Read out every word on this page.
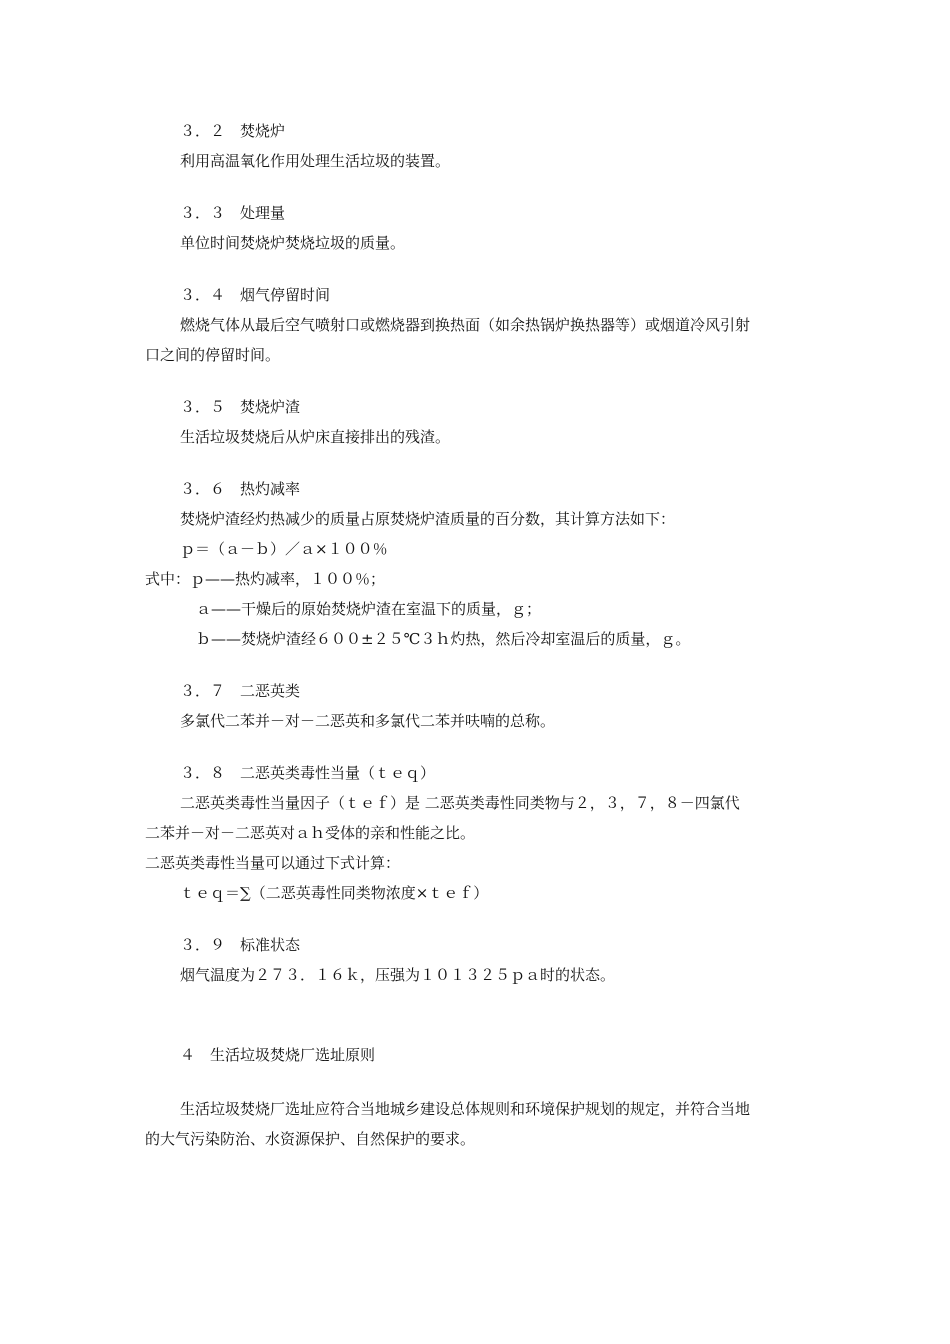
３．２　焚烧炉
利用高温氧化作用处理生活垃圾的装置。
３．３　处理量
单位时间焚烧炉焚烧垃圾的质量。
３．４　烟气停留时间
燃烧气体从最后空气喷射口或燃烧器到换热面（如余热锅炉换热器等）或烟道冷风引射
口之间的停留时间。
３．５　焚烧炉渣
生活垃圾焚烧后从炉床直接排出的残渣。
３．６　热灼减率
焚烧炉渣经灼热减少的质量占原焚烧炉渣质量的百分数，其计算方法如下：
ｐ＝（ａ－ｂ）／ａ×１００％
式中：ｐ——热灼减率，１００％；
ａ——干燥后的原始焚烧炉渣在室温下的质量，ｇ；
ｂ——焚烧炉渣经６００±２５℃３ｈ灼热，然后冷却室温后的质量，ｇ。
３．７　二恶英类
多氯代二苯并－对－二恶英和多氯代二苯并呋喃的总称。
３．８　二恶英类毒性当量（ｔｅｑ）
二恶英类毒性当量因子（ｔｅｆ）是 二恶英类毒性同类物与２，３，７，８－四氯代
二苯并－对－二恶英对ａｈ受体的亲和性能之比。
二恶英类毒性当量可以通过下式计算：
ｔｅｑ＝∑（二恶英毒性同类物浓度×ｔｅｆ）
３．９　标准状态
烟气温度为２７３．１６ｋ，压强为１０１３２５ｐａ时的状态。
４　生活垃圾焚烧厂选址原则
生活垃圾焚烧厂选址应符合当地城乡建设总体规则和环境保护规划的规定，并符合当地
的大气污染防治、水资源保护、自然保护的要求。
